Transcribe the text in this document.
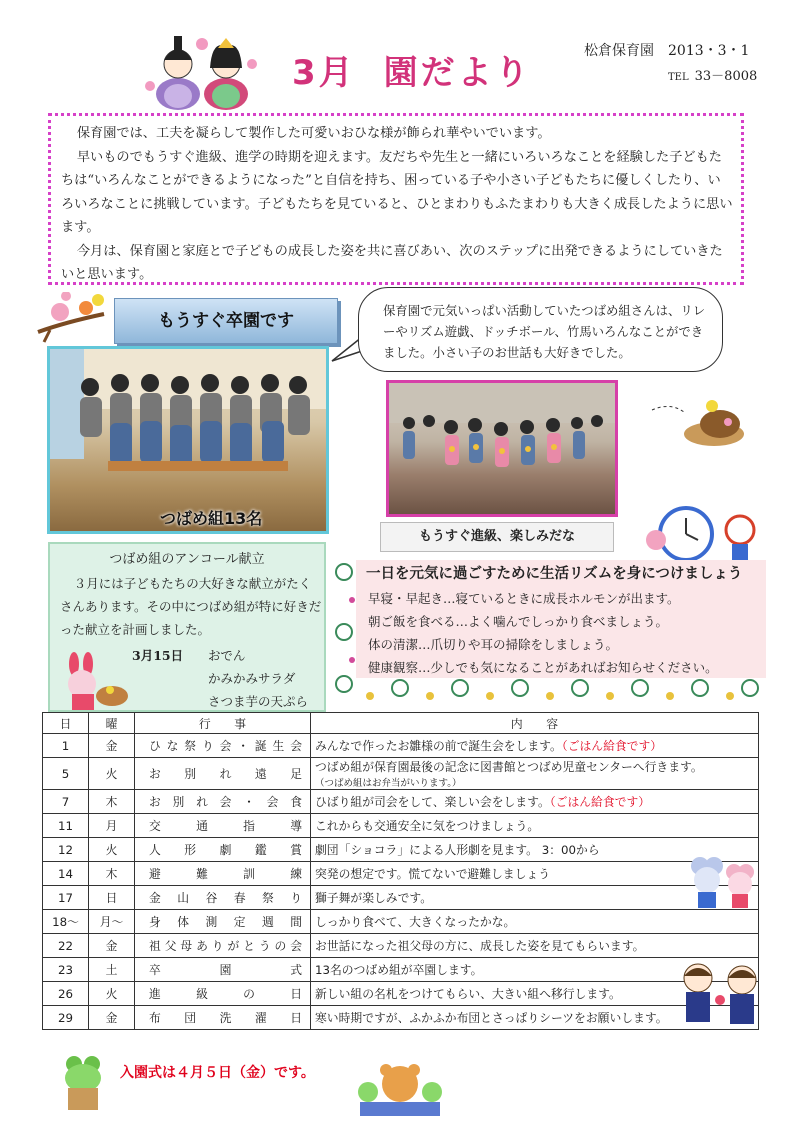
3月 園だより
松倉保育園　2013・3・1
TEL 33－8008

保育園では、工夫を凝らして製作した可愛いおひな様が飾られ華やいでいます。

早いものでもうすぐ進級、進学の時期を迎えます。友だちや先生と一緒にいろいろなことを経験した子どもたちは“いろんなことができるようになった”と自信を持ち、困っている子や小さい子どもたちに優しくしたり、いろいろなことに挑戦しています。子どもたちを見ていると、ひとまわりもふたまわりも大きく成長したように思います。

今月は、保育園と家庭とで子どもの成長した姿を共に喜びあい、次のステップに出発できるようにしていきたいと思います。

もうすぐ卒園です
保育園で元気いっぱい活動していたつばめ組さんは、リレーやリズム遊戯、ドッチボール、竹馬いろんなことができました。小さい子のお世話も大好きでした。
つばめ組13名
もうすぐ進級、楽しみだな
つばめ組のアンコール献立
３月には子どもたちの大好きな献立がたくさんあります。その中につばめ組が特に好きだった献立を計画しました。
3月15日 おでん
かみかみサラダ
さつま芋の天ぷら
一日を元気に過ごすために生活リズムを身につけましょう
早寝・早起き…寝ているときに成長ホルモンが出ます。
朝ご飯を食べる…よく噛んでしっかり食べましょう。
体の清潔…爪切りや耳の掃除をしましょう。
健康観察…少しでも気になることがあればお知らせください。
日	曜	行　　事	内　　容
1	金	ひな祭り会・誕生会	みんなで作ったお雛様の前で誕生会をします。（ごはん給食です）
5	火	お別れ遠足	つばめ組が保育園最後の記念に図書館とつばめ児童センターへ行きます。
（つばめ組はお弁当がいります。）
7	木	お別れ会・会食	ひばり組が司会をして、楽しい会をします。（ごはん給食です）
11	月	交通指導	これからも交通安全に気をつけましょう。
12	火	人形劇鑑賞	劇団「ショコラ」による人形劇を見ます。 3：00から
14	木	避難訓練	突発の想定です。慌てないで避難しましょう
17	日	金山谷春祭り	獅子舞が楽しみです。
18～	月～	身体測定週間	しっかり食べて、大きくなったかな。
22	金	祖父母ありがとうの会	お世話になった祖父母の方に、成長した姿を見てもらいます。
23	土	卒園式	13名のつばめ組が卒園します。
26	火	進級の日	新しい組の名札をつけてもらい、大きい組へ移行します。
29	金	布団洗濯日	寒い時期ですが、ふかふか布団とさっぱりシーツをお願いします。
入園式は４月５日（金）です。
